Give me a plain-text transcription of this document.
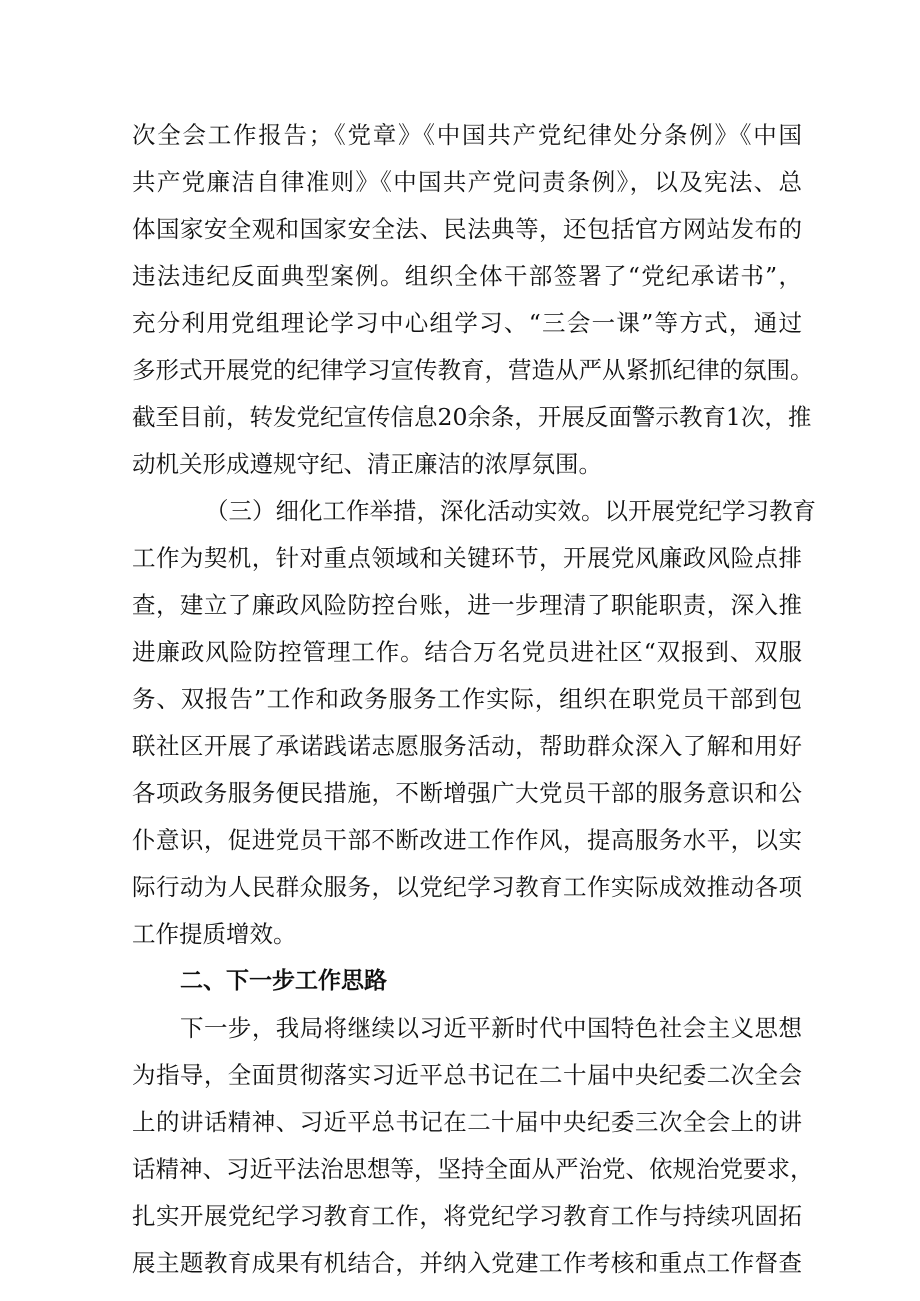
次全会工作报告；《党章》《中国共产党纪律处分条例》《中国
共产党廉洁自律准则》《中国共产党问责条例》，以及宪法、总
体国家安全观和国家安全法、民法典等，还包括官方网站发布的
违法违纪反面典型案例。组织全体干部签署了“党纪承诺书”，
充分利用党组理论学习中心组学习、“三会一课”等方式，通过
多形式开展党的纪律学习宣传教育，营造从严从紧抓纪律的氛围。
截至目前，转发党纪宣传信息20余条，开展反面警示教育1次，推
动机关形成遵规守纪、清正廉洁的浓厚氛围。
（三）细化工作举措，深化活动实效。以开展党纪学习教育
工作为契机，针对重点领域和关键环节，开展党风廉政风险点排
查，建立了廉政风险防控台账，进一步理清了职能职责，深入推
进廉政风险防控管理工作。结合万名党员进社区“双报到、双服
务、双报告”工作和政务服务工作实际，组织在职党员干部到包
联社区开展了承诺践诺志愿服务活动，帮助群众深入了解和用好
各项政务服务便民措施，不断增强广大党员干部的服务意识和公
仆意识，促进党员干部不断改进工作作风，提高服务水平，以实
际行动为人民群众服务，以党纪学习教育工作实际成效推动各项
工作提质增效。
二、下一步工作思路
下一步，我局将继续以习近平新时代中国特色社会主义思想
为指导，全面贯彻落实习近平总书记在二十届中央纪委二次全会
上的讲话精神、习近平总书记在二十届中央纪委三次全会上的讲
话精神、习近平法治思想等，坚持全面从严治党、依规治党要求，
扎实开展党纪学习教育工作，将党纪学习教育工作与持续巩固拓
展主题教育成果有机结合，并纳入党建工作考核和重点工作督查
